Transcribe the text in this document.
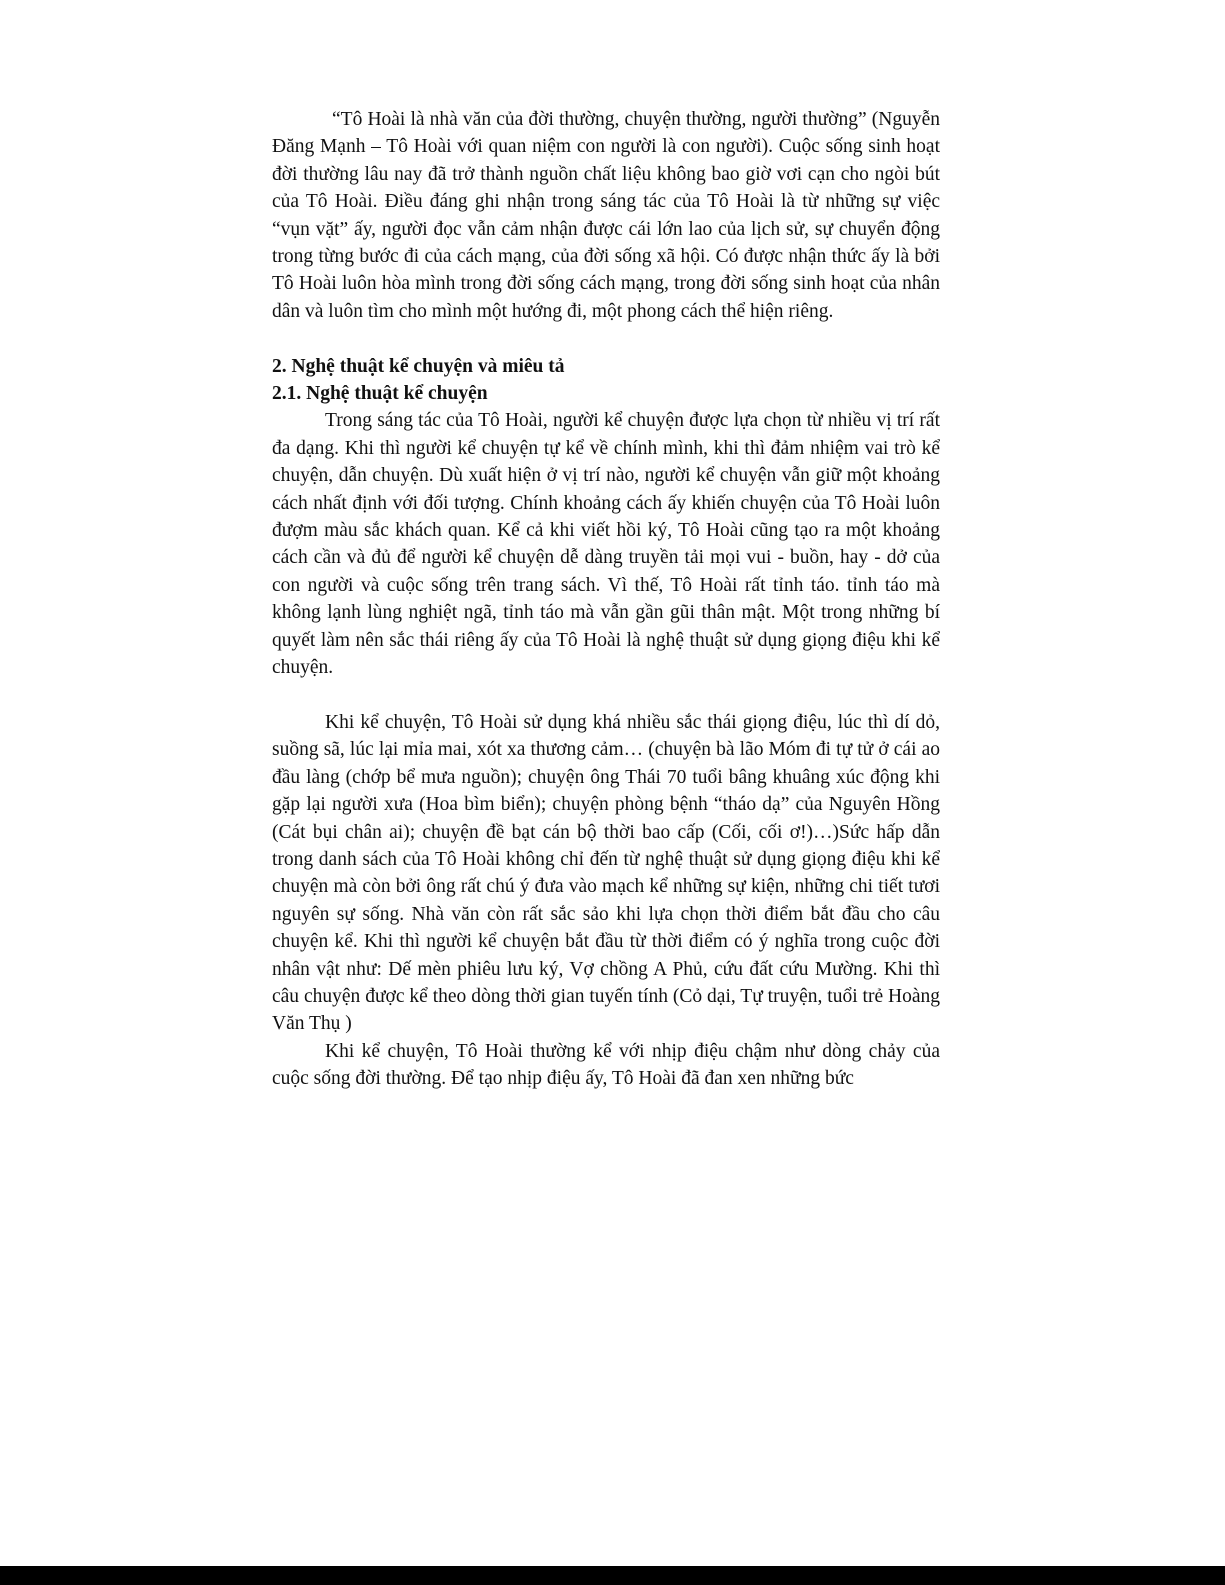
“Tô Hoài là nhà văn của đời thường, chuyện thường, người thường” (Nguyễn Đăng Mạnh – Tô Hoài với quan niệm con người là con người). Cuộc sống sinh hoạt đời thường lâu nay đã trở thành nguồn chất liệu không bao giờ vơi cạn cho ngòi bút của Tô Hoài. Điều đáng ghi nhận trong sáng tác của Tô Hoài là từ những sự việc “vụn vặt” ấy, người đọc vẫn cảm nhận được cái lớn lao của lịch sử, sự chuyển động trong từng bước đi của cách mạng, của đời sống xã hội. Có được nhận thức ấy là bởi Tô Hoài luôn hòa mình trong đời sống cách mạng, trong đời sống sinh hoạt của nhân dân và luôn tìm cho mình một hướng đi, một phong cách thể hiện riêng.

2. Nghệ thuật kể chuyện và miêu tả

2.1. Nghệ thuật kể chuyện

Trong sáng tác của Tô Hoài, người kể chuyện được lựa chọn từ nhiều vị trí rất đa dạng. Khi thì người kể chuyện tự kể về chính mình, khi thì đảm nhiệm vai trò kể chuyện, dẫn chuyện. Dù xuất hiện ở vị trí nào, người kể chuyện vẫn giữ một khoảng cách nhất định với đối tượng. Chính khoảng cách ấy khiến chuyện của Tô Hoài luôn đượm màu sắc khách quan. Kể cả khi viết hồi ký, Tô Hoài cũng tạo ra một khoảng cách cần và đủ để người kể chuyện dễ dàng truyền tải mọi vui - buồn, hay - dở của con người và cuộc sống trên trang sách. Vì thế, Tô Hoài rất tỉnh táo. tỉnh táo mà không lạnh lùng nghiệt ngã, tỉnh táo mà vẫn gần gũi thân mật. Một trong những bí quyết làm nên sắc thái riêng ấy của Tô Hoài là nghệ thuật sử dụng giọng điệu khi kể chuyện.

Khi kể chuyện, Tô Hoài sử dụng khá nhiều sắc thái giọng điệu, lúc thì dí dỏ, suồng sã, lúc lại mỉa mai, xót xa thương cảm… (chuyện bà lão Móm đi tự tử ở cái ao đầu làng (chớp bể mưa nguồn); chuyện ông Thái 70 tuổi bâng khuâng xúc động khi gặp lại người xưa (Hoa bìm biển); chuyện phòng bệnh “tháo dạ” của Nguyên Hồng (Cát bụi chân ai); chuyện đề bạt cán bộ thời bao cấp (Cối, cối ơ!)…)Sức hấp dẫn trong danh sách của Tô Hoài không chỉ đến từ nghệ thuật sử dụng giọng điệu khi kể chuyện mà còn bởi ông rất chú ý đưa vào mạch kể những sự kiện, những chi tiết tươi nguyên sự sống. Nhà văn còn rất sắc sảo khi lựa chọn thời điểm bắt đầu cho câu chuyện kể. Khi thì người kể chuyện bắt đầu từ thời điểm có ý nghĩa trong cuộc đời nhân vật như: Dế mèn phiêu lưu ký, Vợ chồng A Phủ, cứu đất cứu Mường. Khi thì câu chuyện được kể theo dòng thời gian tuyến tính (Cỏ dại, Tự truyện, tuổi trẻ Hoàng Văn Thụ )

Khi kể chuyện, Tô Hoài thường kể với nhịp điệu chậm như dòng chảy của cuộc sống đời thường. Để tạo nhịp điệu ấy, Tô Hoài đã đan xen những bức
